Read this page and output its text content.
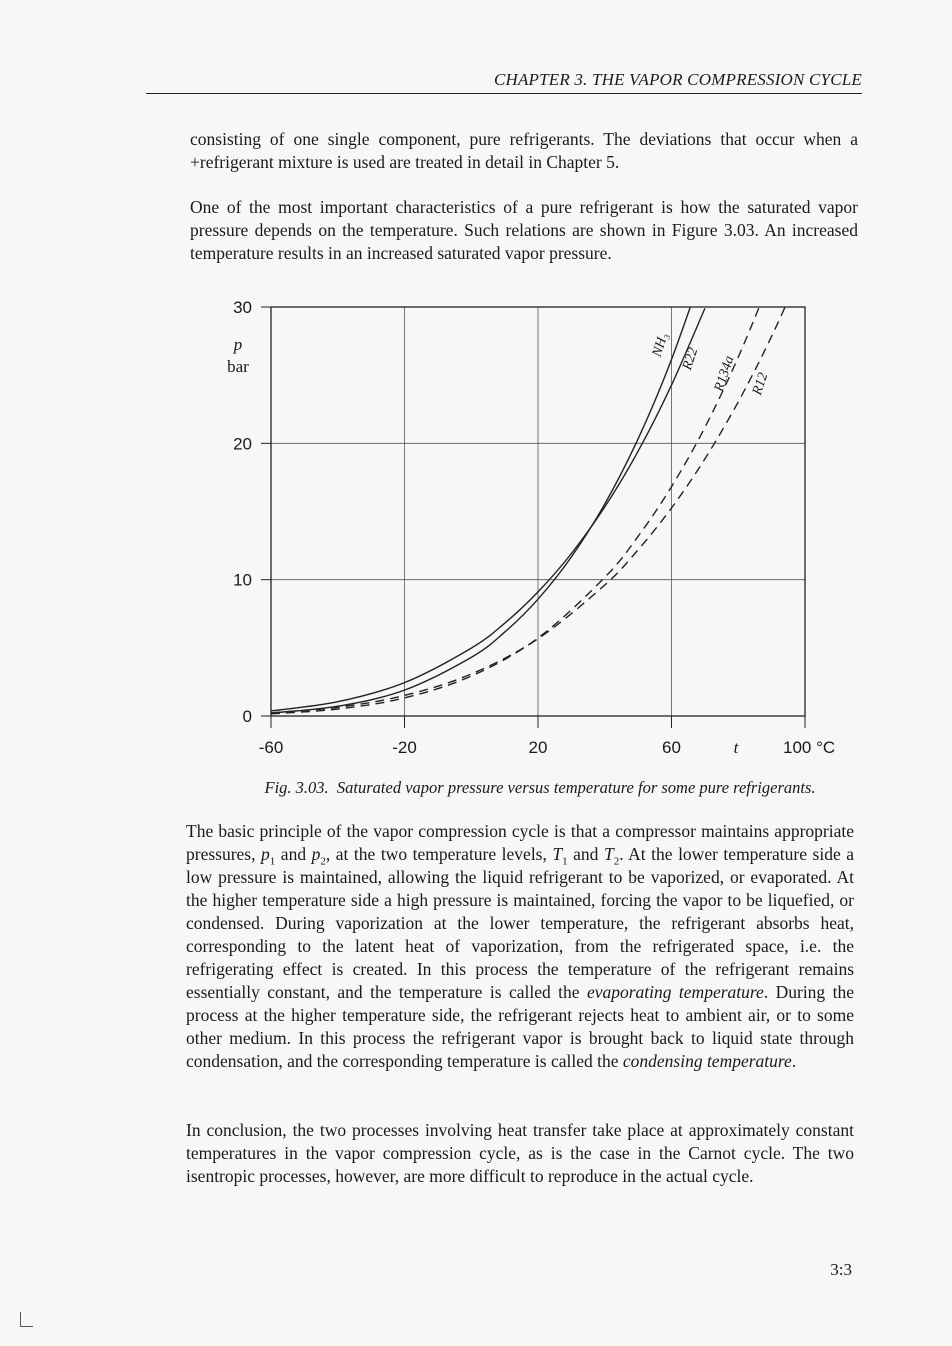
CHAPTER 3. THE VAPOR COMPRESSION CYCLE

consisting of one single component, pure refrigerants. The deviations that occur when a +refrigerant mixture is used are treated in detail in Chapter 5.

One of the most important characteristics of a pure refrigerant is how the saturated vapor pressure depends on the temperature. Such relations are shown in Figure 3.03. An increased temperature results in an increased saturated vapor pressure.

0
10
20
30
-60	-20	20	60	100 °C
p
bar
t
NH₃
R22 R134a R12
Fig. 3.03. Saturated vapor pressure versus temperature for some pure refrigerants.

The basic principle of the vapor compression cycle is that a compressor maintains appropriate pressures, $p_1$ and $p_2$, at the two temperature levels, $T_1$ and $T_2$. At the lower temperature side a low pressure is maintained, allowing the liquid refrigerant to be vaporized, or evaporated. At the higher temperature side a high pressure is maintained, forcing the vapor to be liquefied, or condensed. During vaporization at the lower temperature, the refrigerant absorbs heat, corresponding to the latent heat of vaporization, from the refrigerated space, i.e. the refrigerating effect is created. In this process the temperature of the refrigerant remains essentially constant, and the temperature is called the evaporating temperature. During the process at the higher temperature side, the refrigerant rejects heat to ambient air, or to some other medium. In this process the refrigerant vapor is brought back to liquid state through condensation, and the corresponding temperature is called the condensing temperature.

In conclusion, the two processes involving heat transfer take place at approximately constant temperatures in the vapor compression cycle, as is the case in the Carnot cycle. The two isentropic processes, however, are more difficult to reproduce in the actual cycle.

3:3
